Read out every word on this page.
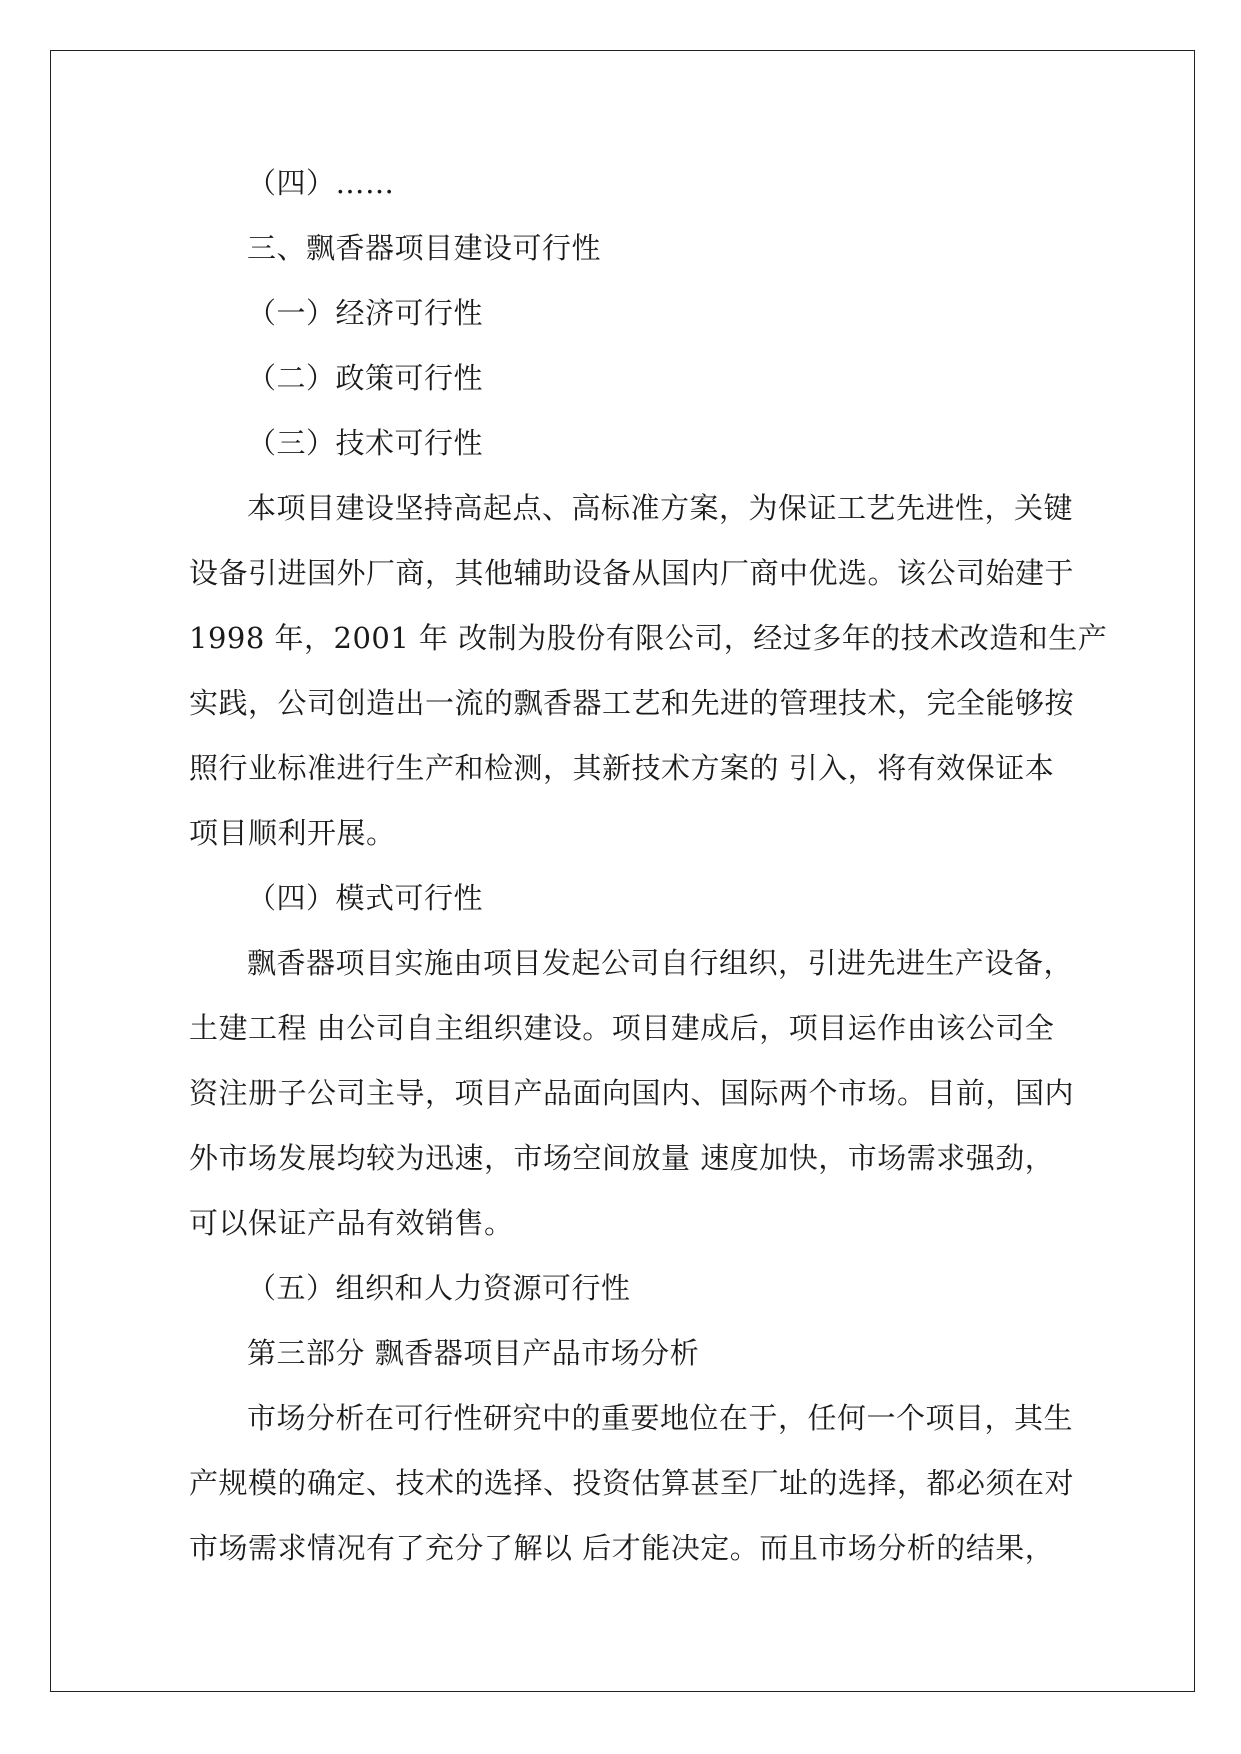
（四）……
三、飘香器项目建设可行性
（一）经济可行性
（二）政策可行性
（三）技术可行性
本项目建设坚持高起点、高标准方案，为保证工艺先进性，关键
设备引进国外厂商，其他辅助设备从国内厂商中优选。该公司始建于
1998 年，2001 年 改制为股份有限公司，经过多年的技术改造和生产
实践，公司创造出一流的飘香器工艺和先进的管理技术，完全能够按
照行业标准进行生产和检测，其新技术方案的 引入，将有效保证本
项目顺利开展。
（四）模式可行性
飘香器项目实施由项目发起公司自行组织，引进先进生产设备，
土建工程 由公司自主组织建设。项目建成后，项目运作由该公司全
资注册子公司主导，项目产品面向国内、国际两个市场。目前，国内
外市场发展均较为迅速，市场空间放量 速度加快，市场需求强劲，
可以保证产品有效销售。
（五）组织和人力资源可行性
第三部分 飘香器项目产品市场分析
市场分析在可行性研究中的重要地位在于，任何一个项目，其生
产规模的确定、技术的选择、投资估算甚至厂址的选择，都必须在对
市场需求情况有了充分了解以 后才能决定。而且市场分析的结果，
